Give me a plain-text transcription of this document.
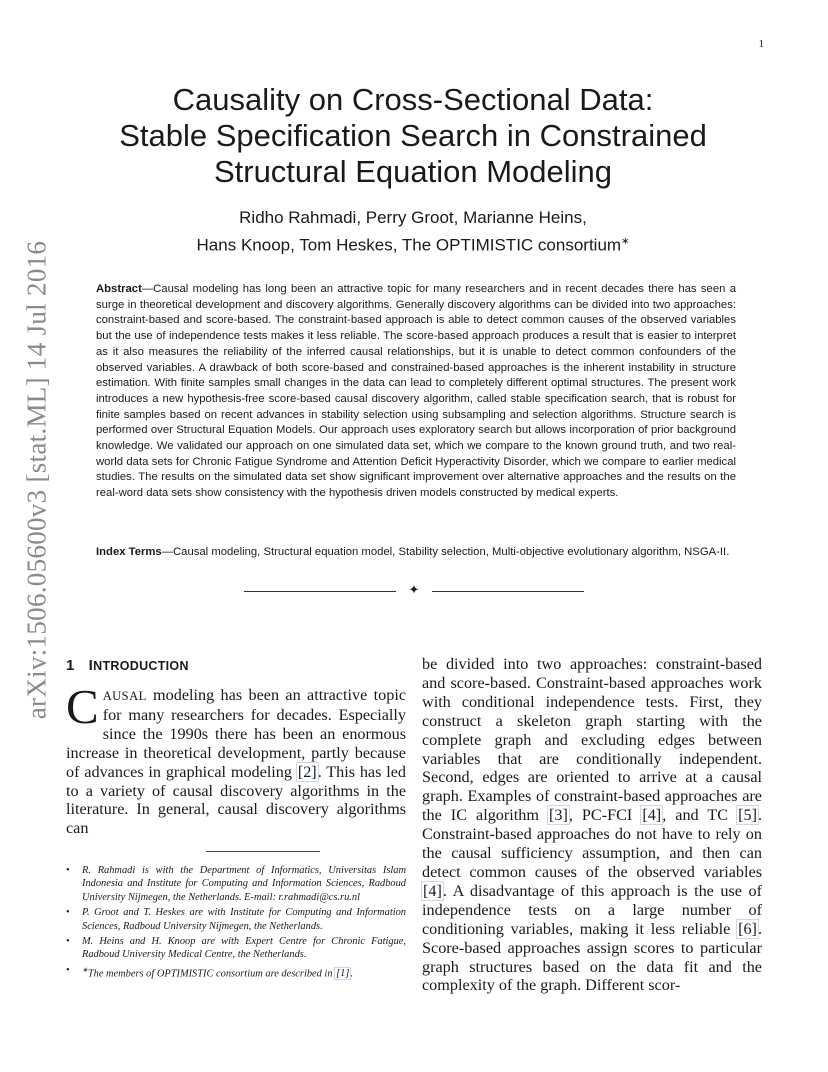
1
arXiv:1506.05600v3 [stat.ML] 14 Jul 2016
Causality on Cross-Sectional Data:
Stable Specification Search in Constrained
Structural Equation Modeling
Ridho Rahmadi, Perry Groot, Marianne Heins,
Hans Knoop, Tom Heskes, The OPTIMISTIC consortium∗

Abstract—Causal modeling has long been an attractive topic for many researchers and in recent decades there has seen a surge in theoretical development and discovery algorithms. Generally discovery algorithms can be divided into two approaches: constraint-based and score-based. The constraint-based approach is able to detect common causes of the observed variables but the use of independence tests makes it less reliable. The score-based approach produces a result that is easier to interpret as it also measures the reliability of the inferred causal relationships, but it is unable to detect common confounders of the observed variables. A drawback of both score-based and constrained-based approaches is the inherent instability in structure estimation. With finite samples small changes in the data can lead to completely different optimal structures. The present work introduces a new hypothesis-free score-based causal discovery algorithm, called stable specification search, that is robust for finite samples based on recent advances in stability selection using subsampling and selection algorithms. Structure search is performed over Structural Equation Models. Our approach uses exploratory search but allows incorporation of prior background knowledge. We validated our approach on one simulated data set, which we compare to the known ground truth, and two real-world data sets for Chronic Fatigue Syndrome and Attention Deficit Hyperactivity Disorder, which we compare to earlier medical studies. The results on the simulated data set show significant improvement over alternative approaches and the results on the real-word data sets show consistency with the hypothesis driven models constructed by medical experts.

Index Terms—Causal modeling, Structural equation model, Stability selection, Multi-objective evolutionary algorithm, NSGA-II.

✦
1 INTRODUCTION

CAUSAL modeling has been an attractive topic for many researchers for decades. Especially since the 1990s there has been an enormous increase in theoretical development, partly because of advances in graphical modeling [2]. This has led to a variety of causal discovery algorithms in the literature. In general, causal discovery algorithms can

be divided into two approaches: constraint-based and score-based. Constraint-based approaches work with conditional independence tests. First, they construct a skeleton graph starting with the complete graph and excluding edges between variables that are conditionally independent. Second, edges are oriented to arrive at a causal graph. Examples of constraint-based approaches are the IC algorithm [3], PC-FCI [4], and TC [5]. Constraint-based approaches do not have to rely on the causal sufficiency assumption, and then can detect common causes of the observed variables [4]. A disadvantage of this approach is the use of independence tests on a large number of conditioning variables, making it less reliable [6]. Score-based approaches assign scores to particular graph structures based on the data fit and the complexity of the graph. Different scor-

• R. Rahmadi is with the Department of Informatics, Universitas Islam Indonesia and Institute for Computing and Information Sciences, Radboud University Nijmegen, the Netherlands. E-mail: r.rahmadi@cs.ru.nl
• P. Groot and T. Heskes are with Institute for Computing and Information Sciences, Radboud University Nijmegen, the Netherlands.
• M. Heins and H. Knoop are with Expert Centre for Chronic Fatigue, Radboud University Medical Centre, the Netherlands.
• ∗The members of OPTIMISTIC consortium are described in [1].
